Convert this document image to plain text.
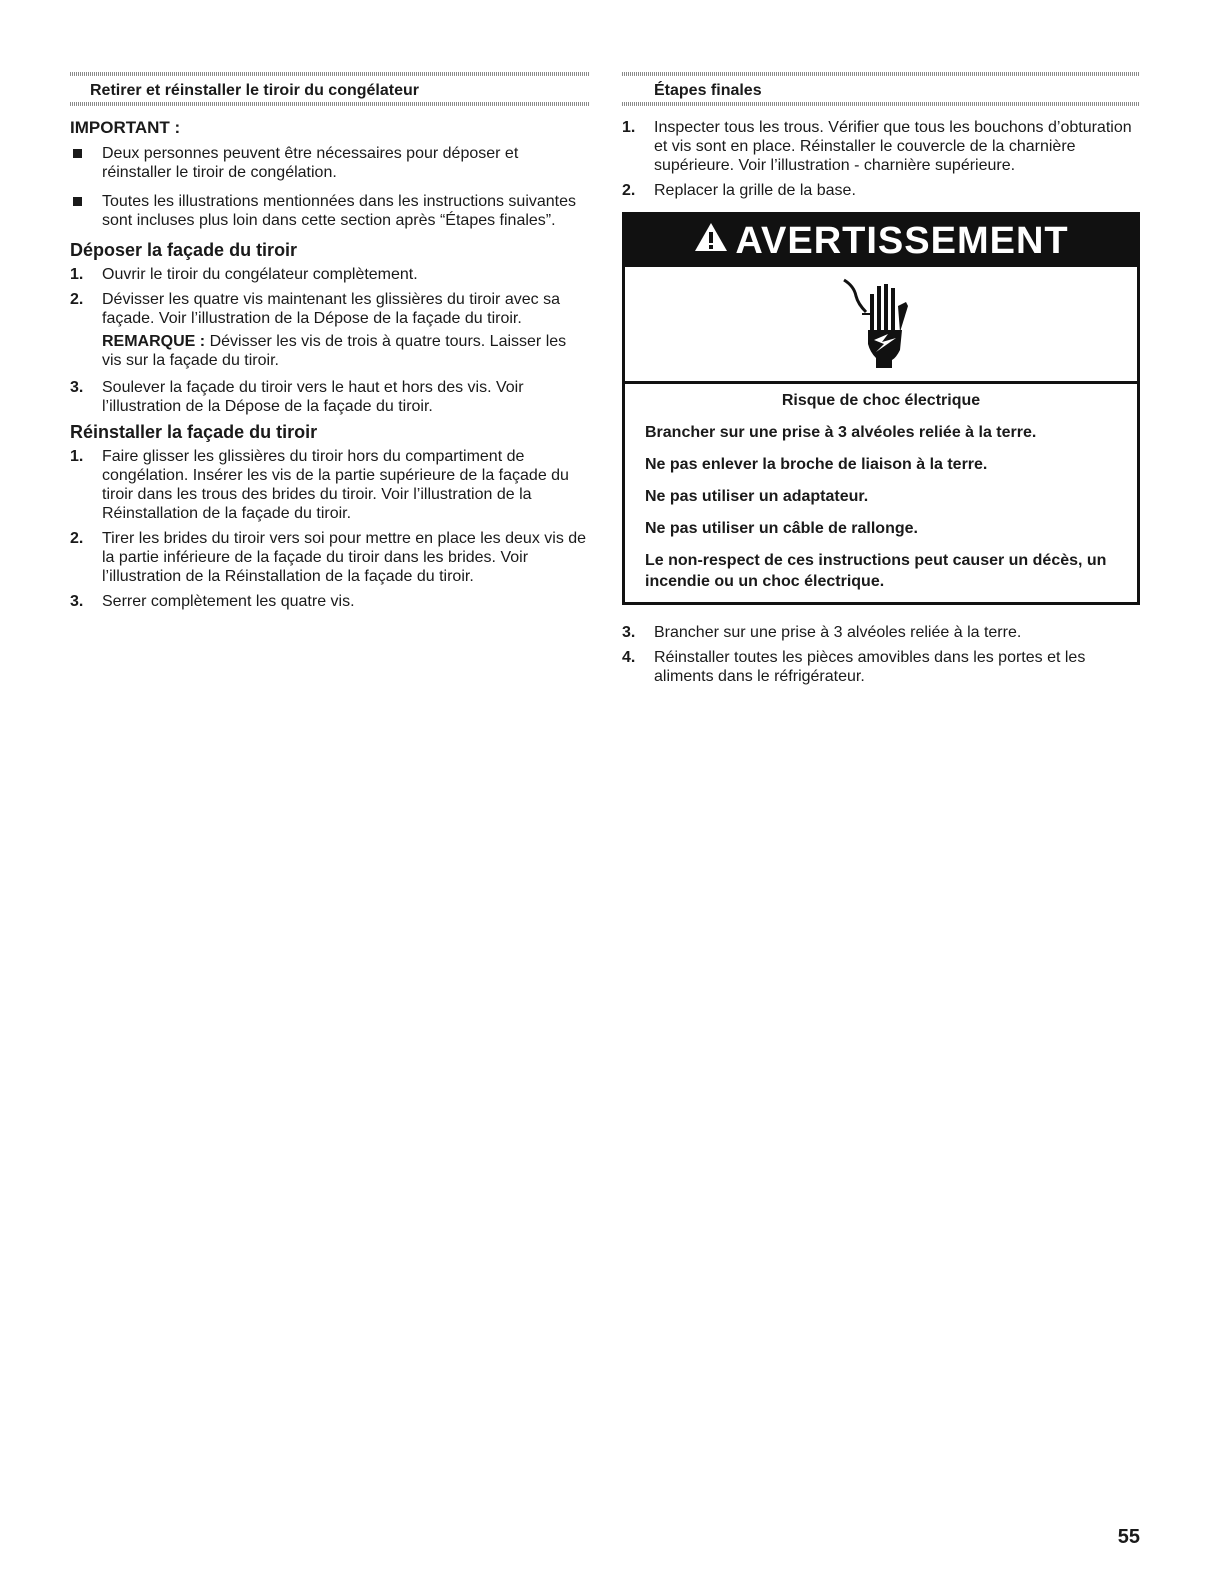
Retirer et réinstaller le tiroir du congélateur
IMPORTANT :
Deux personnes peuvent être nécessaires pour déposer et réinstaller le tiroir de congélation.
Toutes les illustrations mentionnées dans les instructions suivantes sont incluses plus loin dans cette section après “Étapes finales”.
Déposer la façade du tiroir
1. Ouvrir le tiroir du congélateur complètement.
2. Dévisser les quatre vis maintenant les glissières du tiroir avec sa façade. Voir l’illustration de la Dépose de la façade du tiroir.
REMARQUE : Dévisser les vis de trois à quatre tours. Laisser les vis sur la façade du tiroir.
3. Soulever la façade du tiroir vers le haut et hors des vis. Voir l’illustration de la Dépose de la façade du tiroir.
Réinstaller la façade du tiroir
1. Faire glisser les glissières du tiroir hors du compartiment de congélation. Insérer les vis de la partie supérieure de la façade du tiroir dans les trous des brides du tiroir. Voir l’illustration de la Réinstallation de la façade du tiroir.
2. Tirer les brides du tiroir vers soi pour mettre en place les deux vis de la partie inférieure de la façade du tiroir dans les brides. Voir l’illustration de la Réinstallation de la façade du tiroir.
3. Serrer complètement les quatre vis.
Étapes finales
1. Inspecter tous les trous. Vérifier que tous les bouchons d’obturation et vis sont en place. Réinstaller le couvercle de la charnière supérieure. Voir l’illustration - charnière supérieure.
2. Replacer la grille de la base.
AVERTISSEMENT
Risque de choc électrique

Brancher sur une prise à 3 alvéoles reliée à la terre.

Ne pas enlever la broche de liaison à la terre.

Ne pas utiliser un adaptateur.

Ne pas utiliser un câble de rallonge.

Le non-respect de ces instructions peut causer un décès, un incendie ou un choc électrique.

3. Brancher sur une prise à 3 alvéoles reliée à la terre.
4. Réinstaller toutes les pièces amovibles dans les portes et les aliments dans le réfrigérateur.
55
